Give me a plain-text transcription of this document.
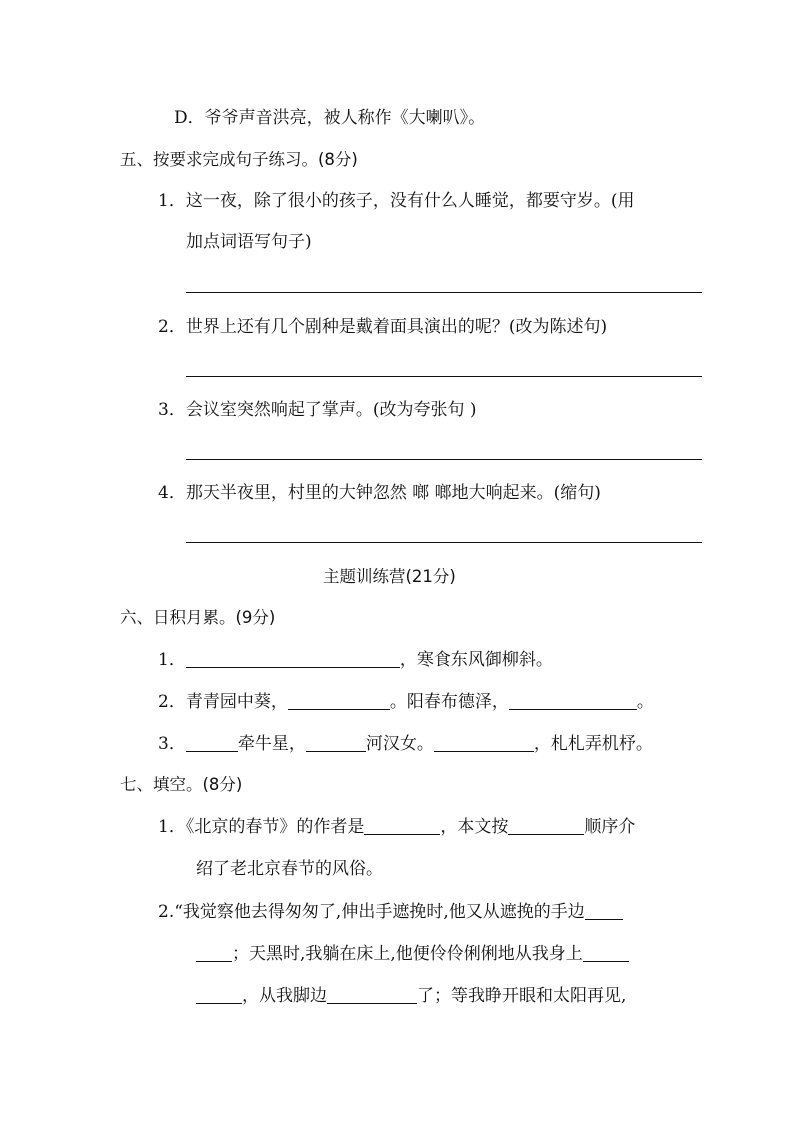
D．爷爷声音洪亮，被人称作《大喇叭》。
五、按要求完成句子练习。(8分)
1．这一夜，除了很小的孩子，没有什么人睡觉，都要守岁。(用
加点词语写句子)
2．世界上还有几个剧种是戴着面具演出的呢？(改为陈述句)
3．会议室突然响起了掌声。(改为夸张句 )
4．那天半夜里，村里的大钟忽然 啷 啷地大响起来。(缩句)
主题训练营(21分)
六、日积月累。(9分)
1．	，寒食东风御柳斜。
2．青青园中葵，	。阳春布德泽，	。
3．	牵牛星，	河汉女。	，札札弄机杼。
七、填空。(8分)
1．《北京的春节》的作者是	，本文按	顺序介
绍了老北京春节的风俗。
2.“我觉察他去得匆匆了,伸出手遮挽时,他又从遮挽的手边
；天黑时,我躺在床上,他便伶伶俐俐地从我身上
，从我脚边	了；等我睁开眼和太阳再见,
